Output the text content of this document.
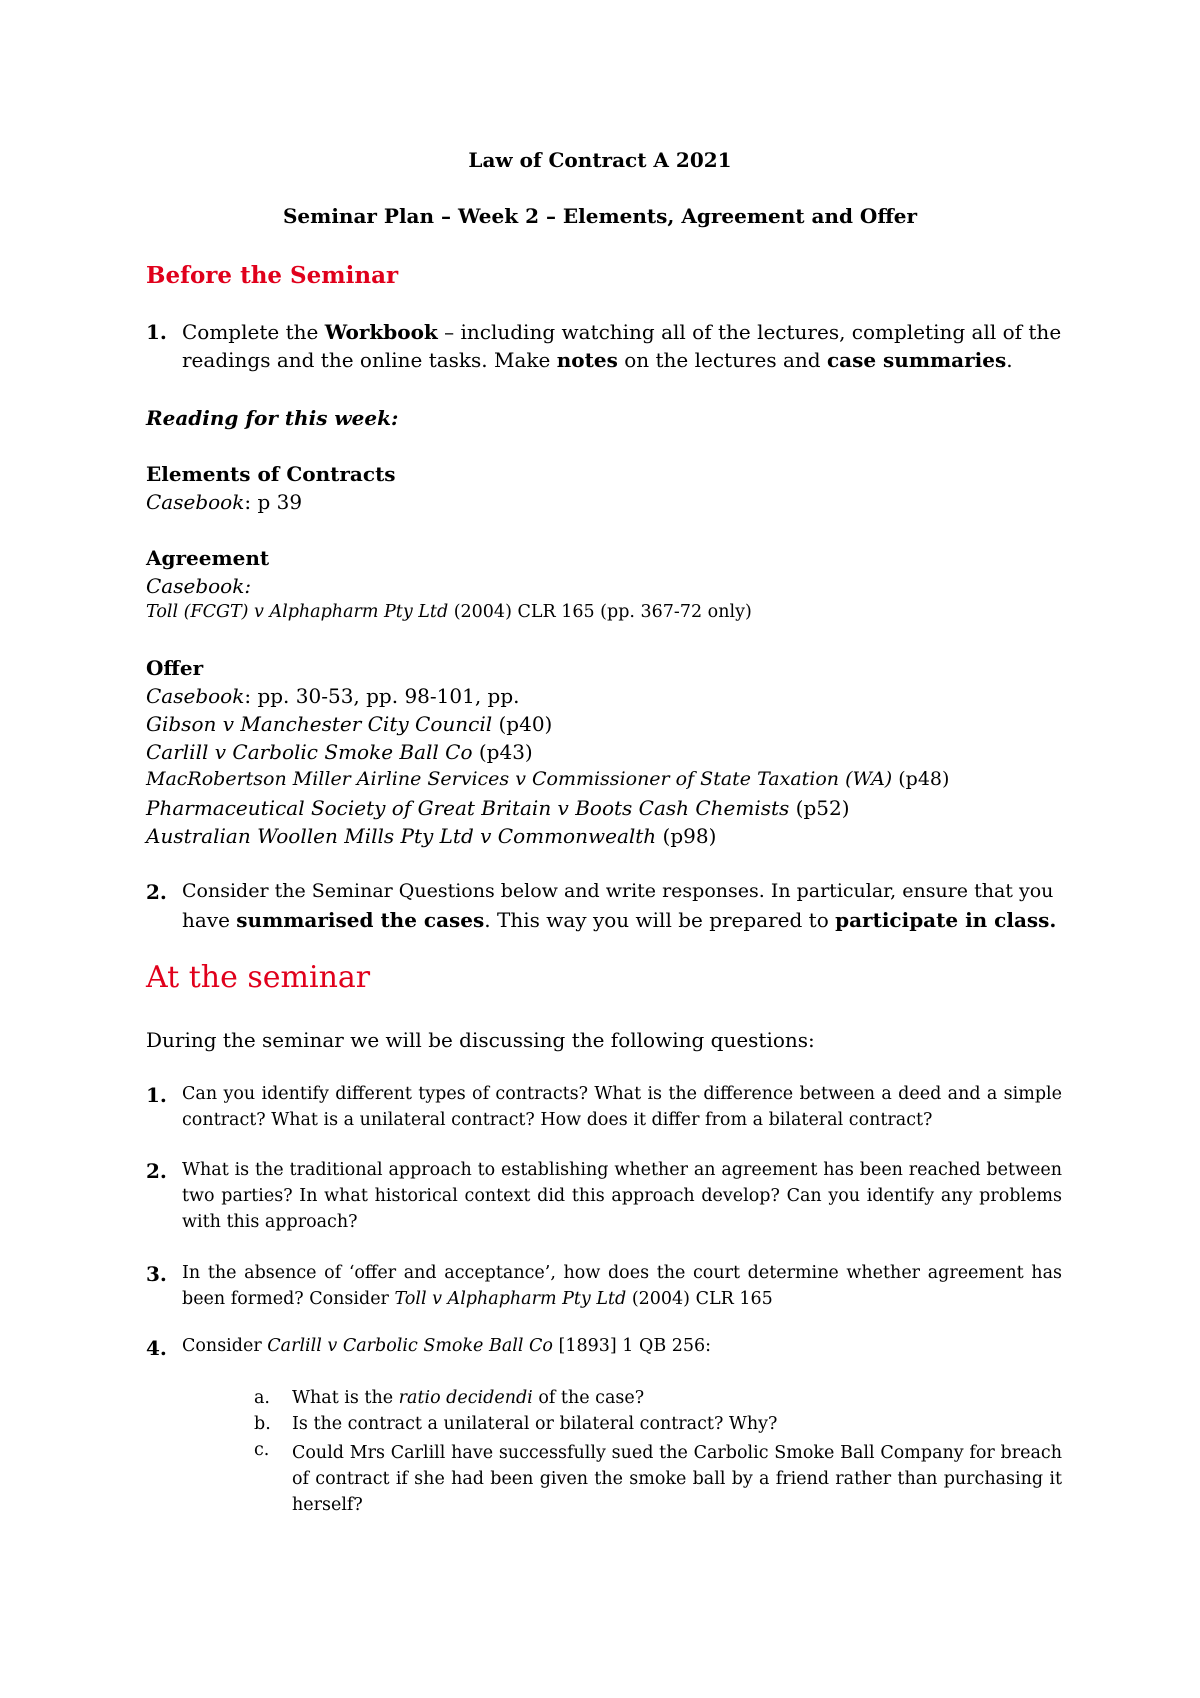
Law of Contract A 2021
Seminar Plan – Week 2 – Elements, Agreement and Offer
Before the Seminar
1. Complete the Workbook – including watching all of the lectures, completing all of the
readings and the online tasks. Make notes on the lectures and case summaries.
Reading for this week:
Elements of Contracts
Casebook: p 39
Agreement
Casebook:
Toll (FCGT) v Alphapharm Pty Ltd (2004) CLR 165 (pp. 367-72 only)
Offer
Casebook: pp. 30-53, pp. 98-101, pp.
Gibson v Manchester City Council (p40)
Carlill v Carbolic Smoke Ball Co (p43)
MacRobertson Miller Airline Services v Commissioner of State Taxation (WA) (p48)
Pharmaceutical Society of Great Britain v Boots Cash Chemists (p52)
Australian Woollen Mills Pty Ltd v Commonwealth (p98)
2. Consider the Seminar Questions below and write responses. In particular, ensure that you
have summarised the cases. This way you will be prepared to participate in class.
At the seminar
During the seminar we will be discussing the following questions:
1. Can you identify different types of contracts? What is the difference between a deed and a simple contract? What is a unilateral contract? How does it differ from a bilateral contract?
2. What is the traditional approach to establishing whether an agreement has been reached between two parties? In what historical context did this approach develop? Can you identify any problems with this approach?
3. In the absence of ‘offer and acceptance’, how does the court determine whether agreement has been formed? Consider Toll v Alphapharm Pty Ltd (2004) CLR 165
4. Consider Carlill v Carbolic Smoke Ball Co [1893] 1 QB 256:
a. What is the ratio decidendi of the case?
b. Is the contract a unilateral or bilateral contract? Why?
c. Could Mrs Carlill have successfully sued the Carbolic Smoke Ball Company for breach of contract if she had been given the smoke ball by a friend rather than purchasing it herself?
